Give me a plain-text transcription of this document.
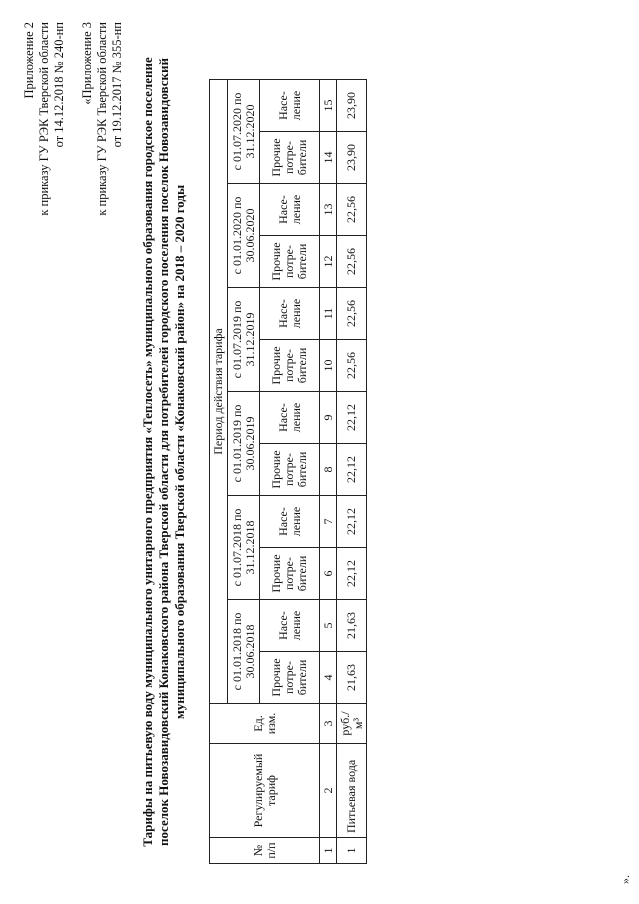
Приложение 2 к приказу ГУ РЭК Тверской области от 14.12.2018 № 240-нп «Приложение 3 к приказу ГУ РЭК Тверской области от 19.12.2017 № 355-нп Тарифы на питьевую воду муниципального унитарного предприятия «Теплосеть» муниципального образования городское поселение поселок Новозавидовский Конаковского района Тверской области для потребителей городского поселения поселок Новозавидовский муниципального образования Тверской области «Конаковский район» на 2018 – 2020 годы
№ п/п	Регулируемый тариф	Ед. изм.	Период действия тарифа											
			с 01.01.2018 по 30.06.2018		с 01.07.2018 по 31.12.2018		с 01.01.2019 по 30.06.2019		с 01.07.2019 по 31.12.2019		с 01.01.2020 по 30.06.2020		с 01.07.2020 по 31.12.2020	
			Прочие потре-бители	Насе-ление	Прочие потре-бители	Насе-ление	Прочие потре-бители	Насе-ление	Прочие потре-бители	Насе-ление	Прочие потре-бители	Насе-ление	Прочие потре-бители	Насе-ление
1	2	3	4	5	6	7	8	9	10	11	12	13	14	15
1	Питьевая вода	руб./м³	21,63	21,63	22,12	22,12	22,12	22,12	22,56	22,56	22,56	22,56	23,90	23,90
».
